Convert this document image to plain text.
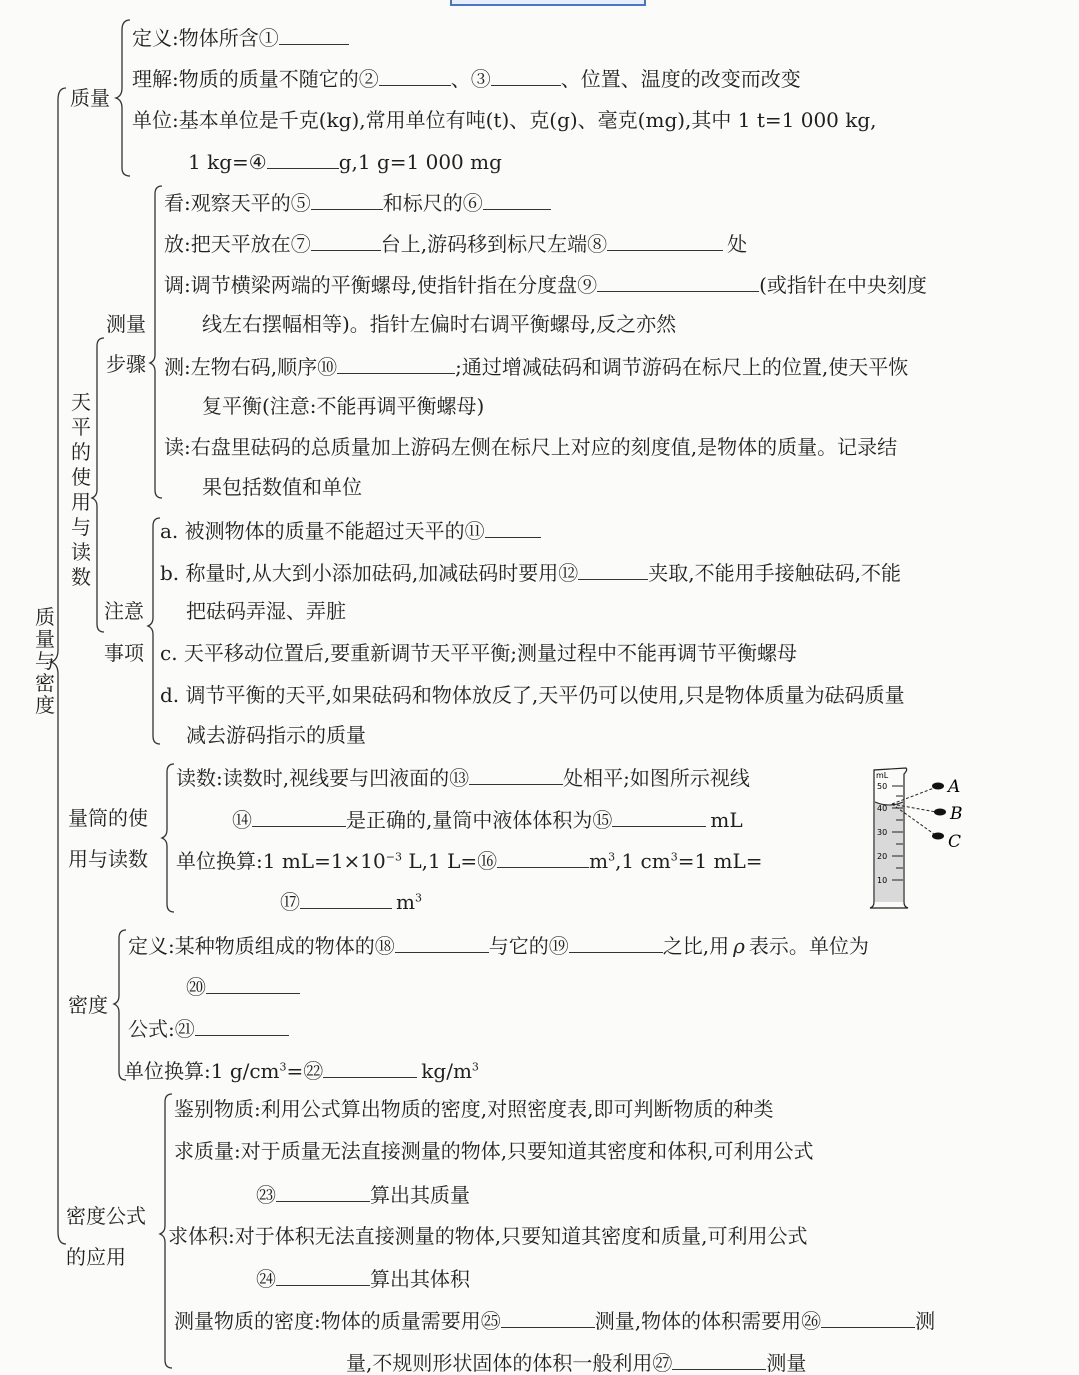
质量与密度
质量
定义:物体所含①
理解:物质的质量不随它的②	、③	、位置、温度的改变而改变
单位:基本单位是千克(kg),常用单位有吨(t)、克(g)、毫克(mg),其中 1 t=1 000 kg,
1 kg=④	g,1 g=1 000 mg
天平的使用与读数
测量
步骤
看:观察天平的⑤	和标尺的⑥
放:把天平放在⑦	台上,游码移到标尺左端⑧	处
调:调节横梁两端的平衡螺母,使指针指在分度盘⑨	(或指针在中央刻度
线左右摆幅相等)。指针左偏时右调平衡螺母,反之亦然
测:左物右码,顺序⑩	;通过增减砝码和调节游码在标尺上的位置,使天平恢
复平衡(注意:不能再调平衡螺母)
读:右盘里砝码的总质量加上游码左侧在标尺上对应的刻度值,是物体的质量。记录结
果包括数值和单位
注意
事项
a. 被测物体的质量不能超过天平的⑪
b. 称量时,从大到小添加砝码,加减砝码时要用⑫	夹取,不能用手接触砝码,不能
把砝码弄湿、弄脏
c. 天平移动位置后,要重新调节天平平衡;测量过程中不能再调节平衡螺母
d. 调节平衡的天平,如果砝码和物体放反了,天平仍可以使用,只是物体质量为砝码质量
减去游码指示的质量
量筒的使
用与读数
读数:读数时,视线要与凹液面的⑬	处相平;如图所示视线
⑭	是正确的,量筒中液体体积为⑮	mL
单位换算:1 $mL=1\times 10^{-3}$ L,1 L=⑯	$m^3,1$ $cm^3=1$ mL=
⑰	$m^3$
mL
50
40
30
20
10
A
B
C
密度
定义:某种物质组成的物体的⑱	与它的⑲	之比,用 ρ 表示。单位为
⑳
公式:㉑
单位换算:1 $g/cm^3=㉒$	$kg/m^3$
密度公式
的应用
鉴别物质:利用公式算出物质的密度,对照密度表,即可判断物质的种类
求质量:对于质量无法直接测量的物体,只要知道其密度和体积,可利用公式
㉓	算出其质量
求体积:对于体积无法直接测量的物体,只要知道其密度和质量,可利用公式
㉔	算出其体积
测量物质的密度:物体的质量需要用㉕	测量,物体的体积需要用㉖	测
量,不规则形状固体的体积一般利用㉗	测量
